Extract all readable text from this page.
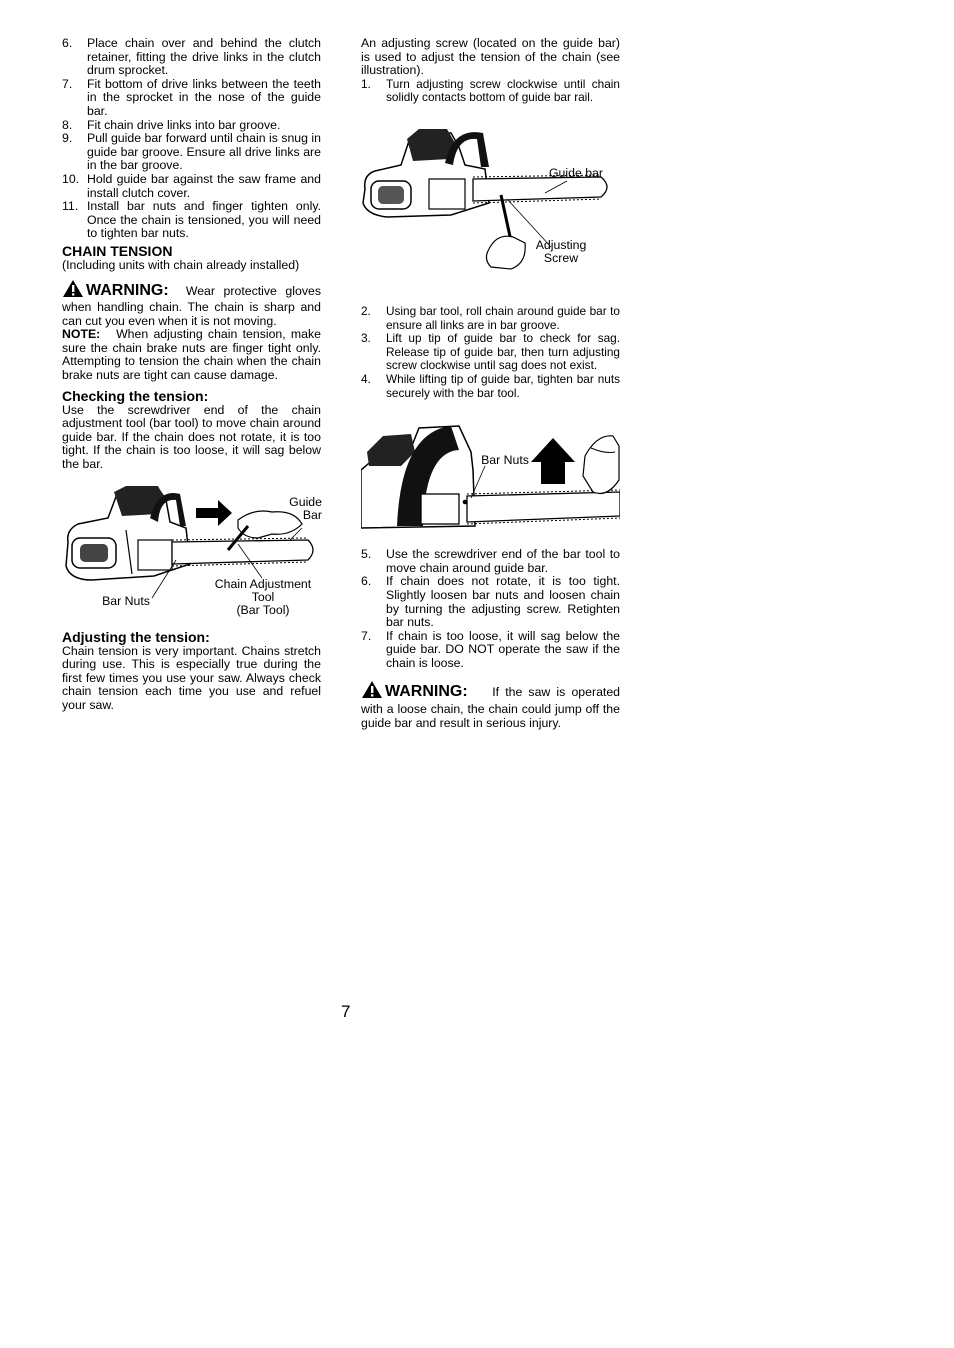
6. Place chain over and behind the clutch retainer, fitting the drive links in the clutch drum sprocket.
7. Fit bottom of drive links between the teeth in the sprocket in the nose of the guide bar.
8. Fit chain drive links into bar groove.
9. Pull guide bar forward until chain is snug in guide bar groove. Ensure all drive links are in the bar groove.
10. Hold guide bar against the saw frame and install clutch cover.
11. Install bar nuts and finger tighten only. Once the chain is tensioned, you will need to tighten bar nuts.
CHAIN TENSION
(Including units with chain already installed)

WARNING: Wear protective gloves when handling chain. The chain is sharp and can cut you even when it is not moving.

NOTE: When adjusting chain tension, make sure the chain brake nuts are finger tight only. Attempting to tension the chain when the chain brake nuts are tight can cause damage.

Checking the tension:

Use the screwdriver end of the chain adjustment tool (bar tool) to move chain around guide bar. If the chain does not rotate, it is too tight. If the chain is too loose, it will sag below the bar.

Guide
Bar
Chain Adjustment
Tool
(Bar Tool)
Bar Nuts
Adjusting the tension:

Chain tension is very important. Chains stretch during use. This is especially true during the first few times you use your saw. Always check chain tension each time you use and refuel your saw.

An adjusting screw (located on the guide bar) is used to adjust the tension of the chain (see illustration).

1. Turn adjusting screw clockwise until chain solidly contacts bottom of guide bar rail.
Guide bar
Adjusting
Screw
2. Using bar tool, roll chain around guide bar to ensure all links are in bar groove.
3. Lift up tip of guide bar to check for sag. Release tip of guide bar, then turn adjusting screw clockwise until sag does not exist.
4. While lifting tip of guide bar, tighten bar nuts securely with the bar tool.
Bar Nuts
5. Use the screwdriver end of the bar tool to move chain around guide bar.
6. If chain does not rotate, it is too tight. Slightly loosen bar nuts and loosen chain by turning the adjusting screw. Retighten bar nuts.
7. If chain is too loose, it will sag below the guide bar. DO NOT operate the saw if the chain is loose.

WARNING: If the saw is operated with a loose chain, the chain could jump off the guide bar and result in serious injury.

7
